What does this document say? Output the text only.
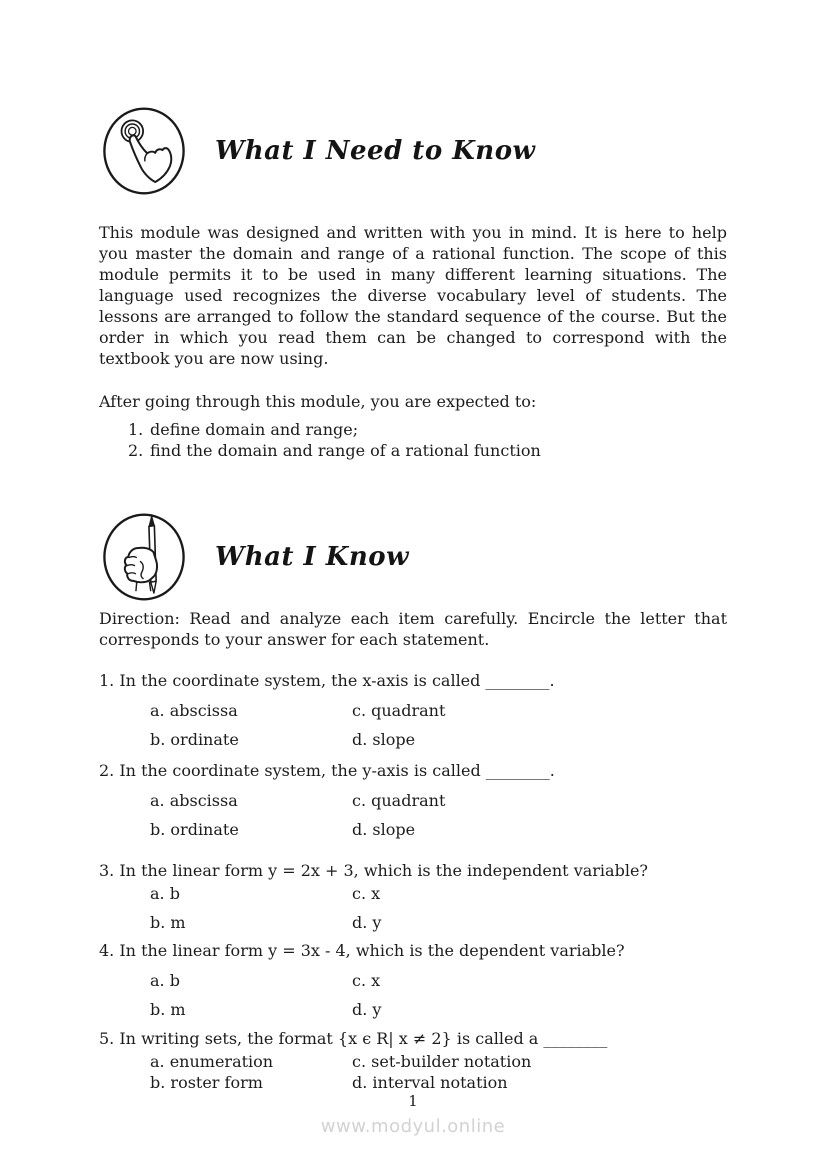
What I Need to Know

This module was designed and written with you in mind. It is here to help you master the domain and range of a rational function. The scope of this module permits it to be used in many different learning situations. The language used recognizes the diverse vocabulary level of students. The lessons are arranged to follow the standard sequence of the course. But the order in which you read them can be changed to correspond with the textbook you are now using.

After going through this module, you are expected to:

1. define domain and range;
2. find the domain and range of a rational function
What I Know

Direction: Read and analyze each item carefully. Encircle the letter that corresponds to your answer for each statement.

1. In the coordinate system, the x-axis is called ________.
a. abscissa	c. quadrant
b. ordinate	d. slope
2. In the coordinate system, the y-axis is called ________.
a. abscissa	c. quadrant
b. ordinate	d. slope
3. In the linear form y = 2x + 3, which is the independent variable?
a. b	c. x
b. m	d. y
4. In the linear form y = 3x - 4, which is the dependent variable?
a. b	c. x
b. m	d. y
5. In writing sets, the format {x ϵ R| x ≠ 2} is called a ________
a. enumeration	c. set-builder notation
b. roster form	d. interval notation
1
www.modyul.online
